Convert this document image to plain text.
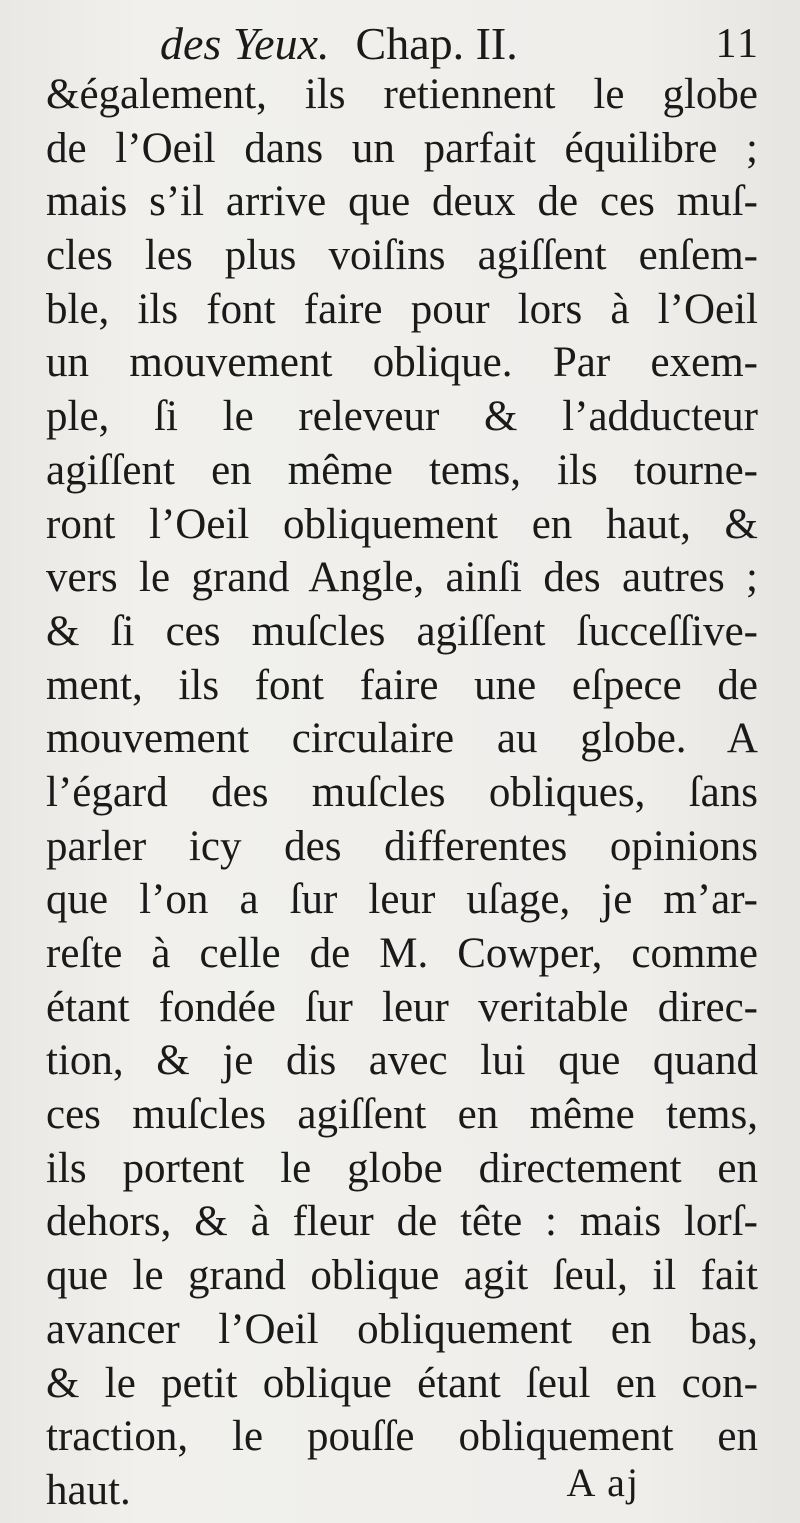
des Yeux. Chap. II.	11
&également, ils retiennent le globe
de l’Oeil dans un parfait équilibre ;
mais s’il arrive que deux de ces muſ-
cles les plus voiſins agiſſent enſem-
ble, ils font faire pour lors à l’Oeil
un mouvement oblique. Par exem-
ple, ſi le releveur & l’adducteur
agiſſent en même tems, ils tourne-
ront l’Oeil obliquement en haut, &
vers le grand Angle, ainſi des autres ;
& ſi ces muſcles agiſſent ſucceſſive-
ment, ils font faire une eſpece de
mouvement circulaire au globe. A
l’égard des muſcles obliques, ſans
parler icy des differentes opinions
que l’on a ſur leur uſage, je m’ar-
reſte à celle de M. Cowper, comme
étant fondée ſur leur veritable direc-
tion, & je dis avec lui que quand
ces muſcles agiſſent en même tems,
ils portent le globe directement en
dehors, & à fleur de tête : mais lorſ-
que le grand oblique agit ſeul, il fait
avancer l’Oeil obliquement en bas,
& le petit oblique étant ſeul en con-
traction, le pouſſe obliquement en
haut.	A aj
